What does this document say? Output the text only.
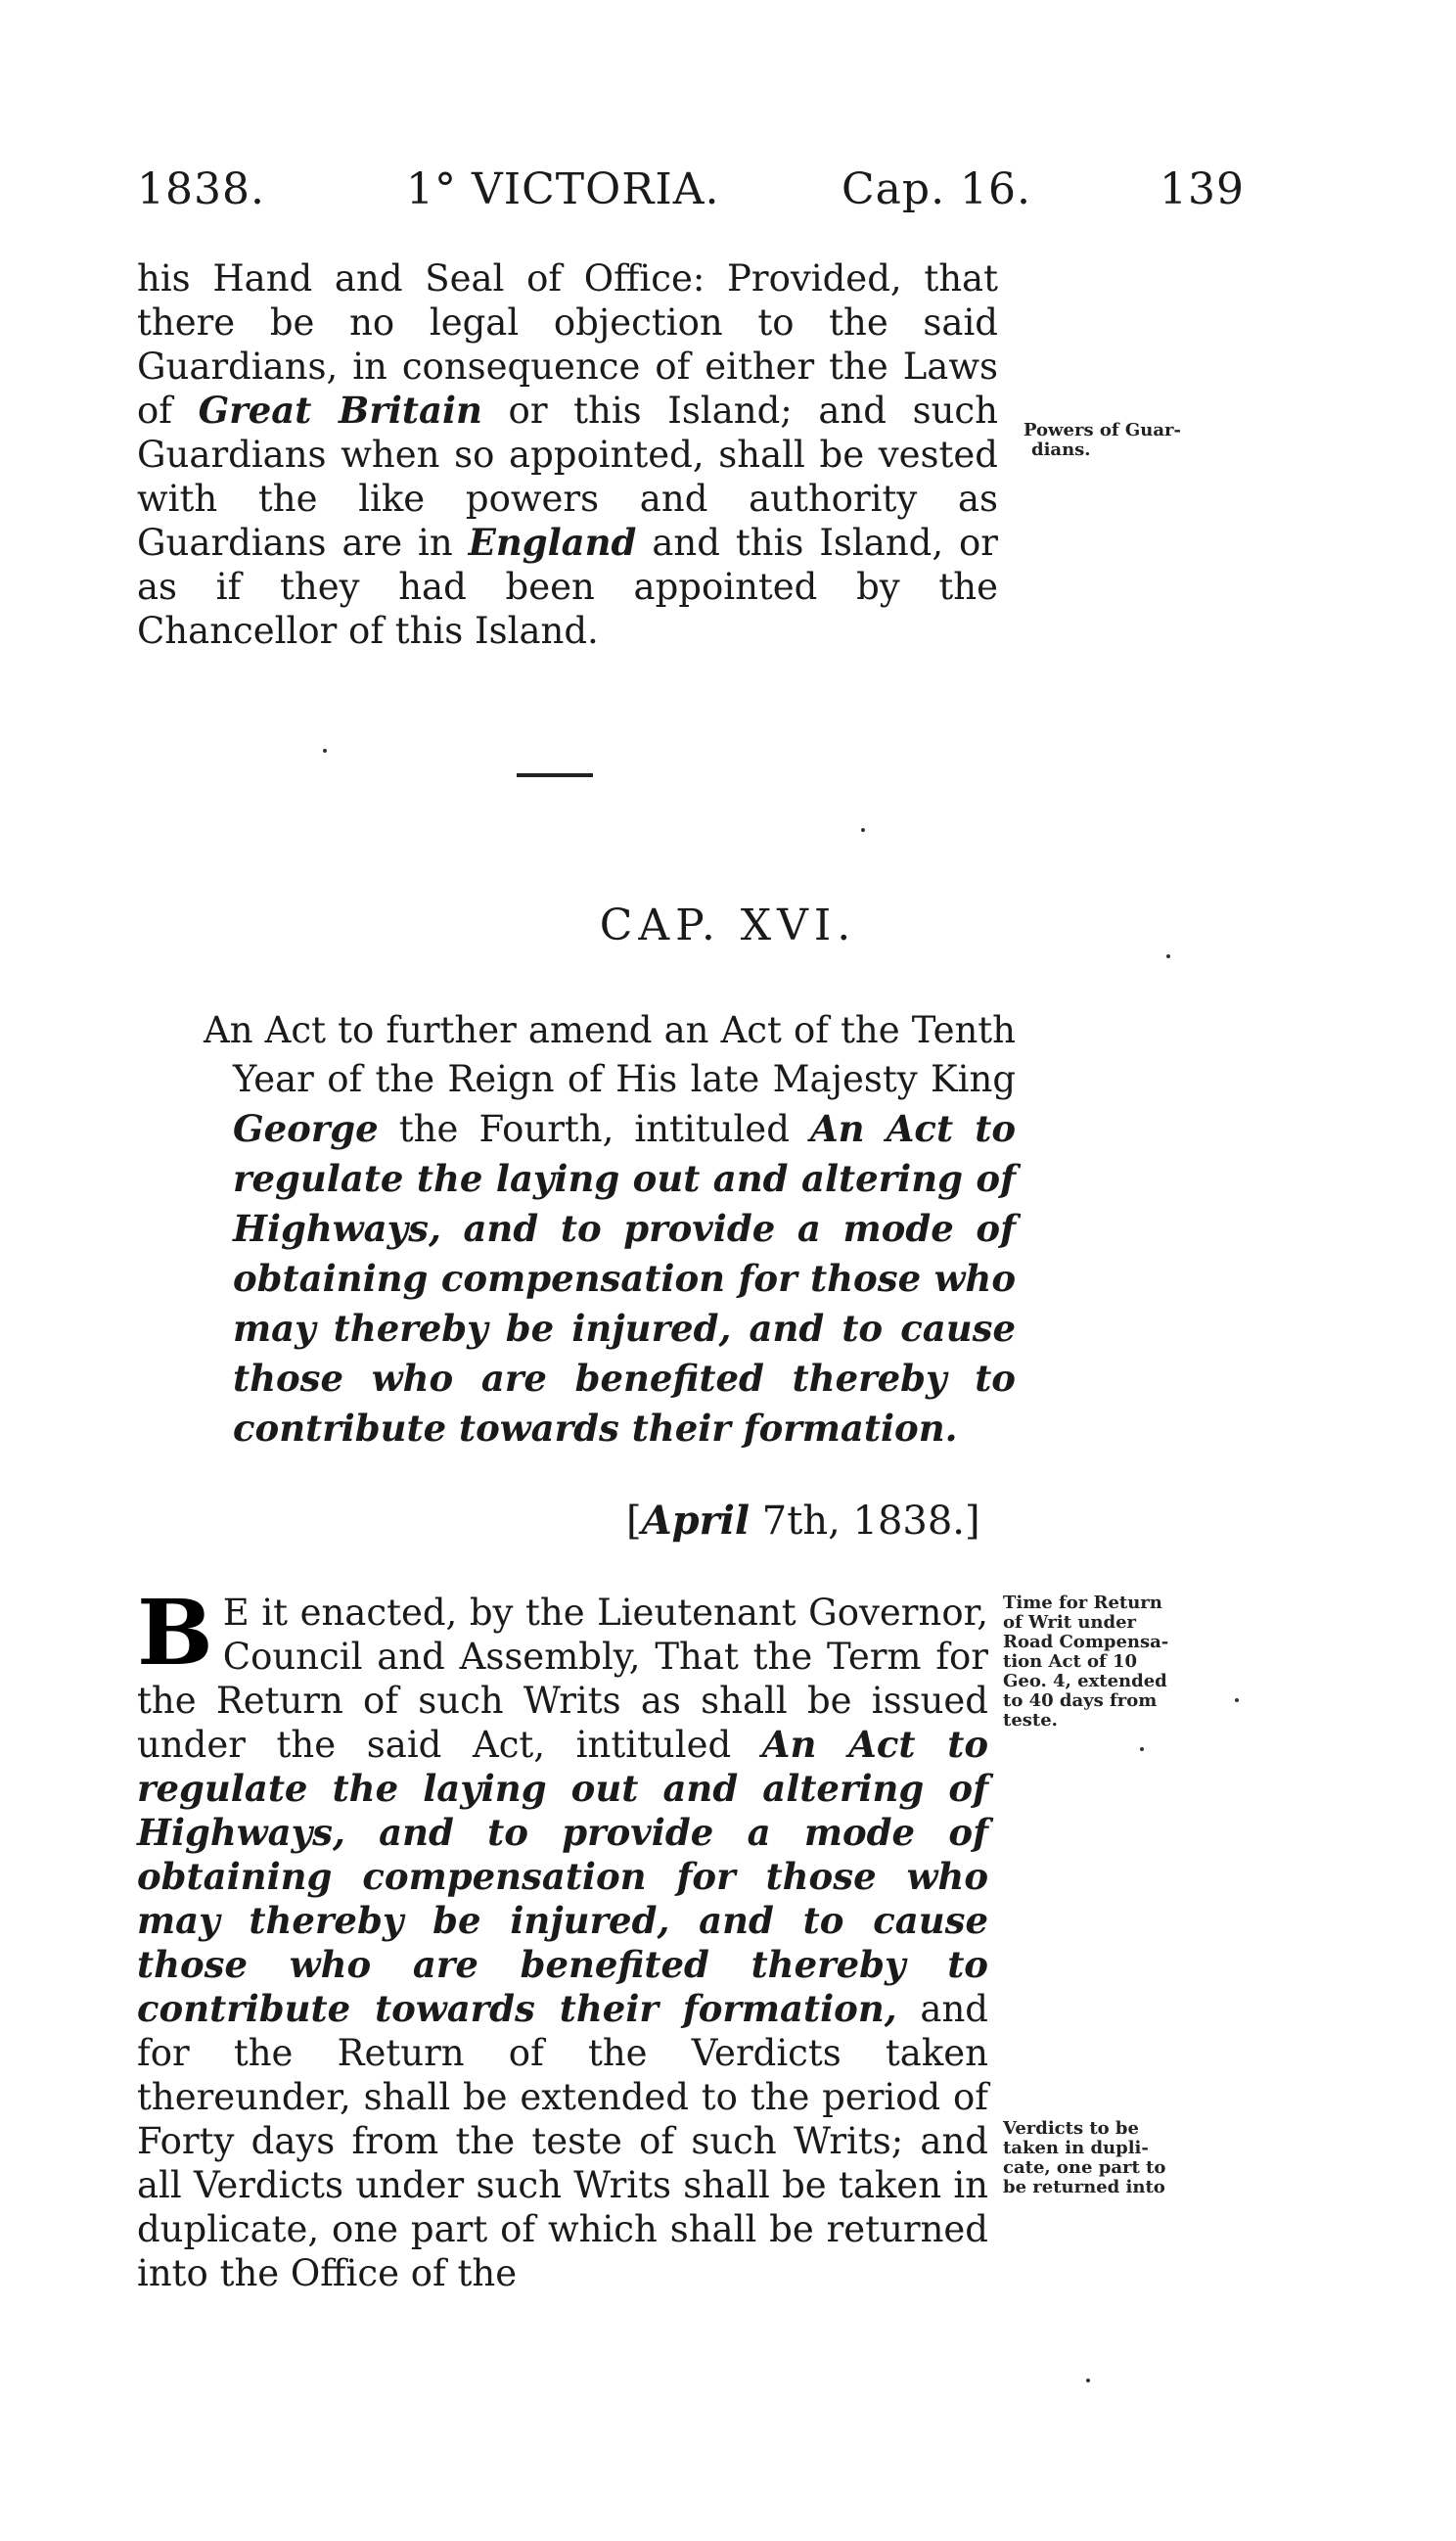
1838.	1° VICTORIA.	Cap. 16.	139

his Hand and Seal of Office: Provided, that there be no legal objection to the said Guardians, in consequence of either the Laws of Great Britain or this Island; and such Guardians when so appointed, shall be vested with the like powers and authority as Guardians are in England and this Island, or as if they had been appointed by the Chancellor of this Island.

Powers of Guar-
dians.
CAP. XVI.

An Act to further amend an Act of the Tenth Year of the Reign of His late Majesty King George the Fourth, intituled An Act to regulate the laying out and altering of Highways, and to provide a mode of obtaining compensation for those who may thereby be injured, and to cause those who are benefited thereby to contribute towards their formation.

[April 7th, 1838.]

B E it enacted, by the Lieutenant Governor, Council and Assembly, That the Term for the Return of such Writs as shall be issued under the said Act, intituled An Act to regulate the laying out and altering of Highways, and to provide a mode of obtaining compensation for those who may thereby be injured, and to cause those who are benefited thereby to contribute towards their formation, and for the Return of the Verdicts taken thereunder, shall be extended to the period of Forty days from the teste of such Writs; and all Verdicts under such Writs shall be taken in duplicate, one part of which shall be returned into the Office of the

Time for Return
of Writ under
Road Compensa-
tion Act of 10
Geo. 4, extended
to 40 days from
teste.
Verdicts to be
taken in dupli-
cate, one part to
be returned into
